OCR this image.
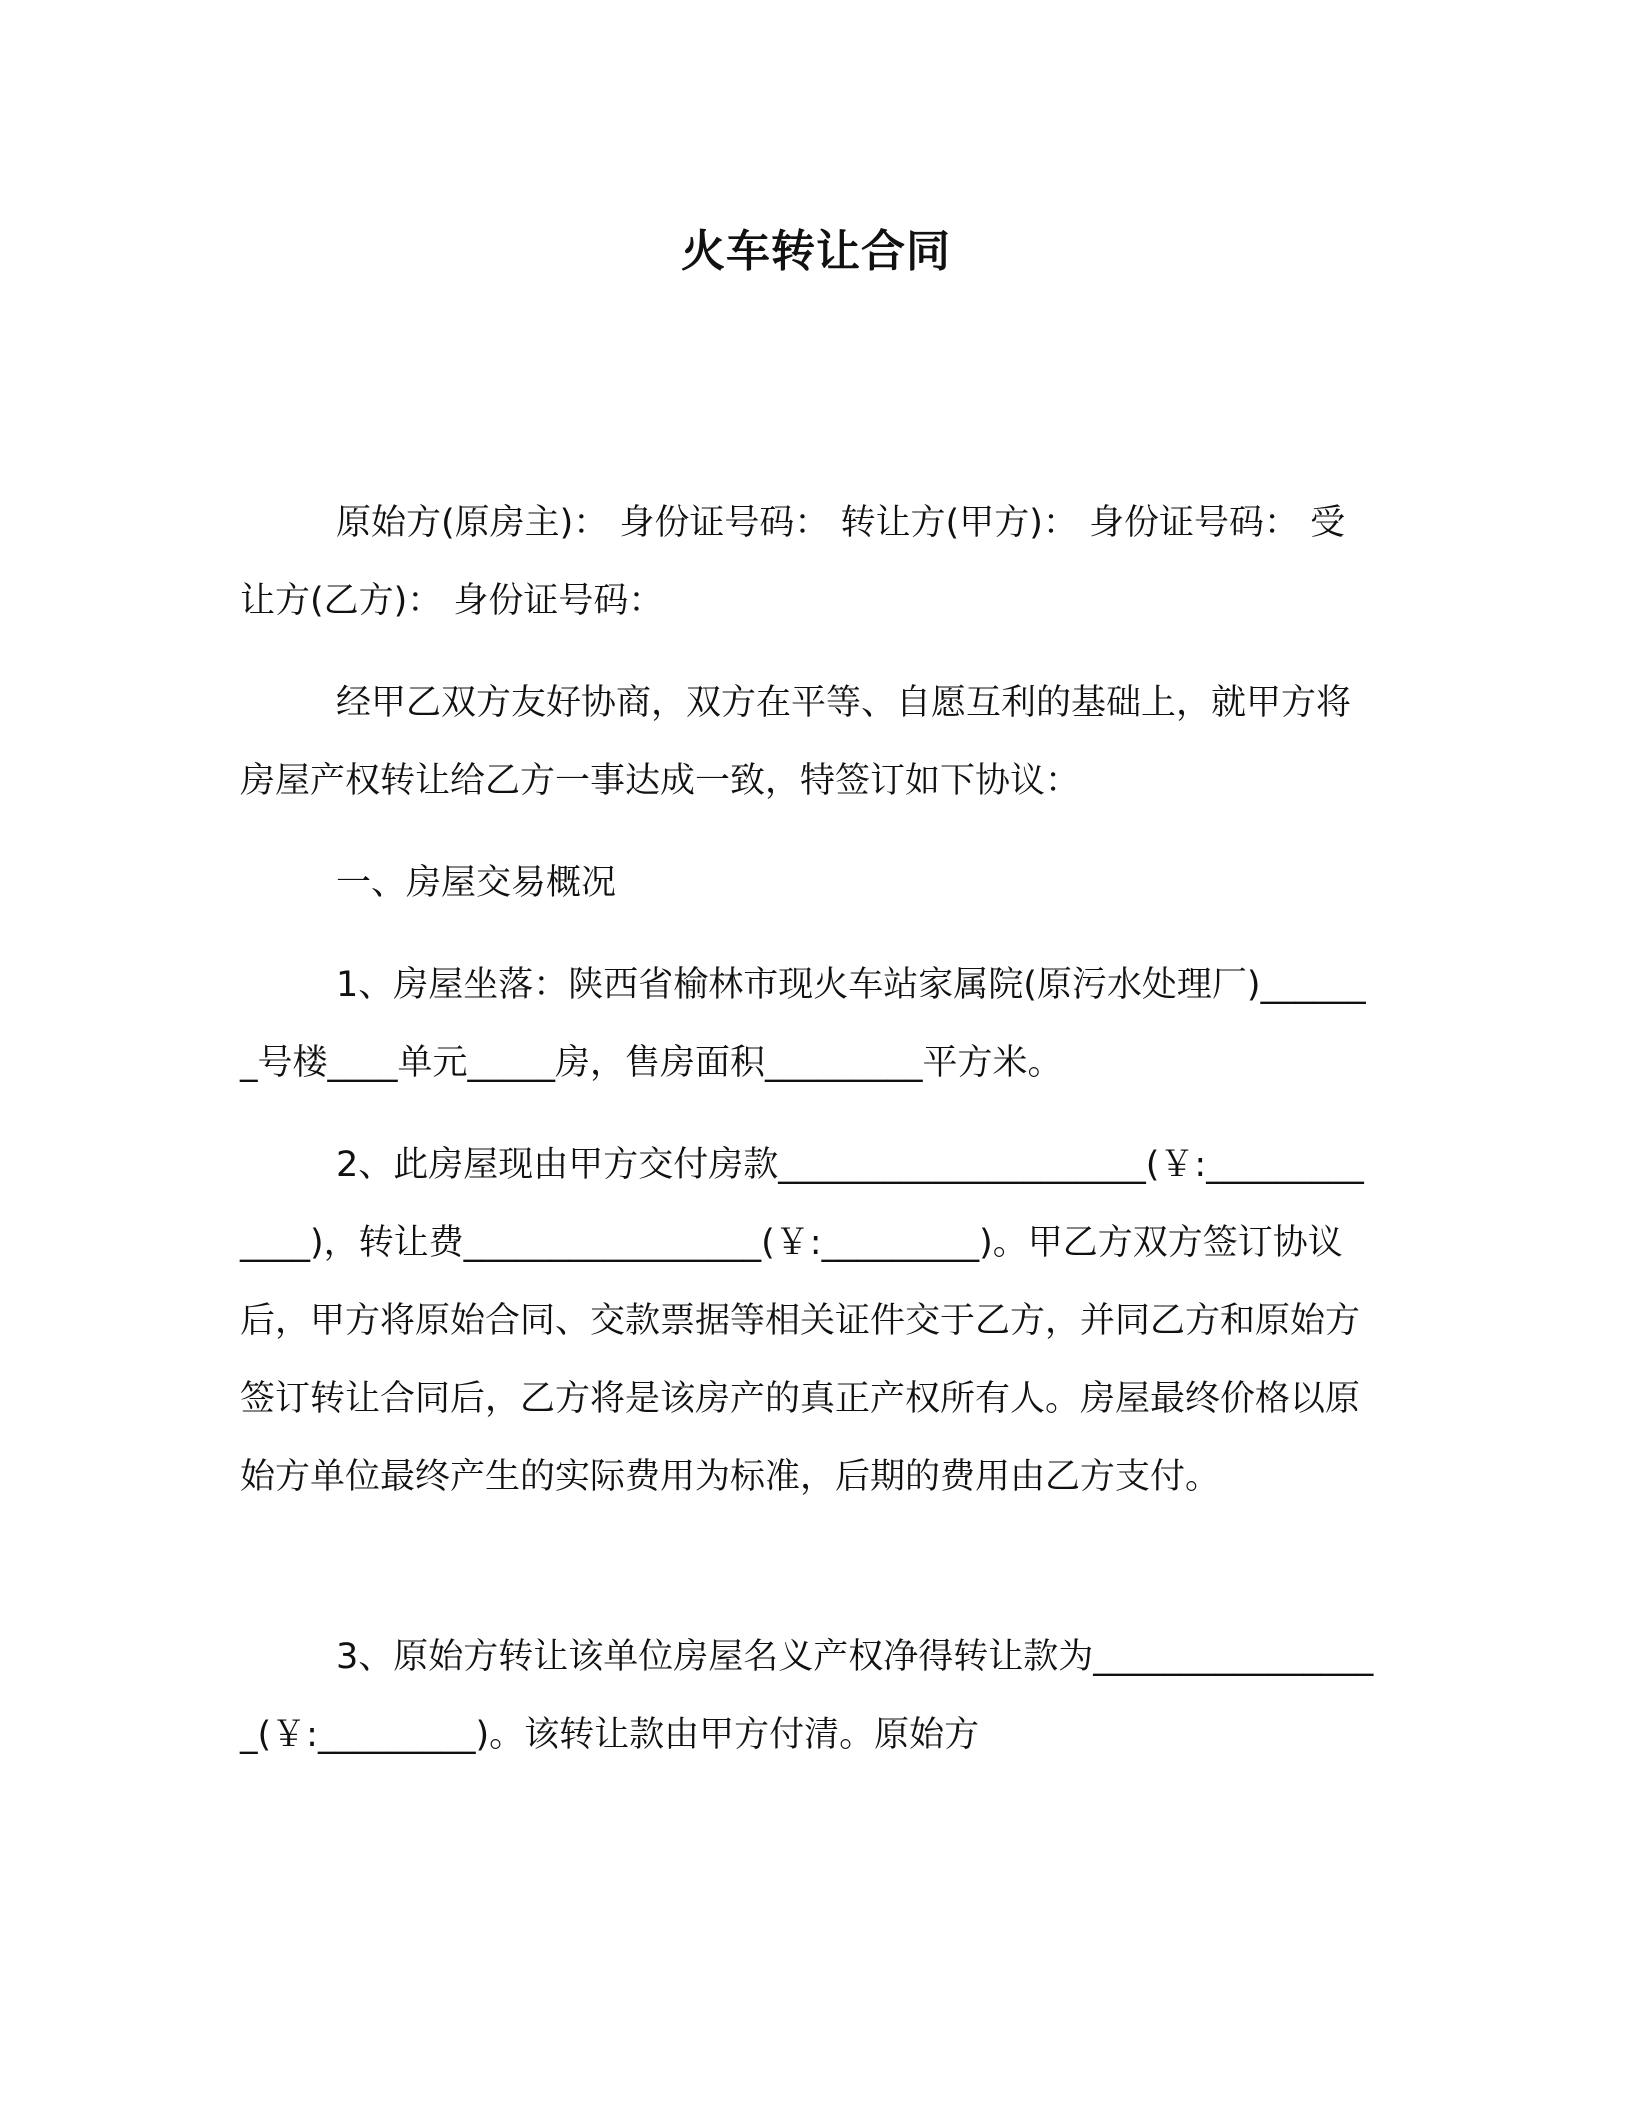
火车转让合同

原始方(原房主)： 身份证号码： 转让方(甲方)： 身份证号码： 受让方(乙方)： 身份证号码：

经甲乙双方友好协商，双方在平等、自愿互利的基础上，就甲方将房屋产权转让给乙方一事达成一致，特签订如下协议：

一、房屋交易概况

1、房屋坐落：陕西省榆林市现火车站家属院(原污水处理厂)_______号楼____单元_____房，售房面积_________平方米。

2、此房屋现由甲方交付房款_____________________(￥:_____________)，转让费_________________(￥:_________)。甲乙方双方签订协议后，甲方将原始合同、交款票据等相关证件交于乙方，并同乙方和原始方签订转让合同后，乙方将是该房产的真正产权所有人。房屋最终价格以原始方单位最终产生的实际费用为标准，后期的费用由乙方支付。

3、原始方转让该单位房屋名义产权净得转让款为_________________(￥:_________)。该转让款由甲方付清。原始方
